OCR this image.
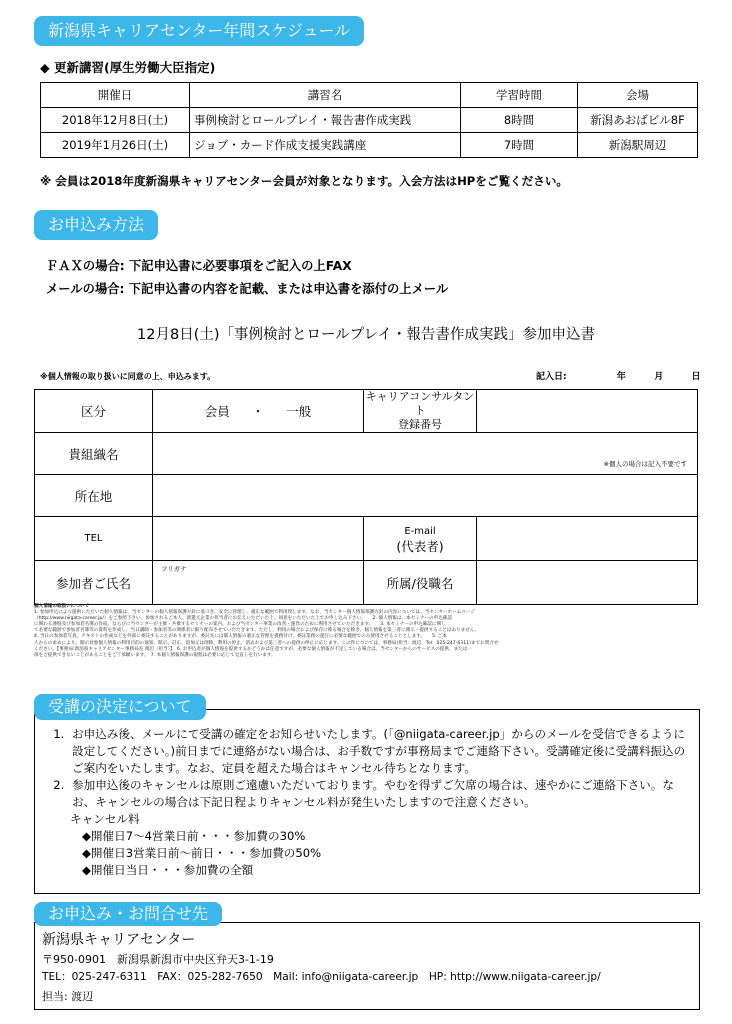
新潟県キャリアセンター年間スケジュール
◆ 更新講習(厚生労働大臣指定)
開催日	講習名	学習時間	会場
2018年12月8日(土)	事例検討とロールプレイ・報告書作成実践	8時間	新潟あおばビル8F
2019年1月26日(土)	ジョブ・カード作成支援実践講座	7時間	新潟駅周辺
※ 会員は2018年度新潟県キャリアセンター会員が対象となります。入会方法はHPをご覧ください。
お申込み方法
ＦＡＸの場合: 下記申込書に必要事項をご記入の上FAX
メールの場合: 下記申込書の内容を記載、または申込書を添付の上メール
12月8日(土)「事例検討とロールプレイ・報告書作成実践」参加申込書
※個人情報の取り扱いに同意の上、申込みます。	記入日:	年	月	日
区分	会員 ・ 一般	キャリアコンサルタント
登録番号	

貴組織名	※個人の場合は記入不要です		

所在地			
TEL		E-mail
(代表者)	

参加者ご氏名	フリガナ	所属/役職名	

個人情報の取扱いについて

1. 参加申込により提供いただいた個人情報は、当センターの個人情報保護方針に基づき、安全に管理し、適正な範囲で利用致します。なお、当センター個人情報保護方針の内容については、当センターホームページ

（http://www.niigata-career.jp/）をご参照下さい。参加されるご本人、派遣元企業の担当者にお伝えいただいた上、同意をいただいた上でお申し込み下さい。　　2. 個人情報は、本セミナーの申込確認

に関わる連絡及び参加者名簿の作成、ならびに当センターが主催・共催するセミナーの案内、および当センター事業の改善・運営のために利用させていただきます。　　3. 本セミナーの申込確認に関し

て必要な範囲で参加者名簿等の資料を作成し、当日講師・参加者等の関係者に限り配布させていただきます。ただし、利用の場合および保存に係る場合を除き、個人情報を第三者に開示・提供することはありません。

4. 当日の参加者写真、テキストの作成などを外部に委託することがありますが、委託先には個人情報の適正な管理を義務付け、委託業務の遂行に必要な範囲でのみ使用させることとします。　　5. ご本

人からの求めにより、開示対象個人情報の利用目的の通知、開示、訂正、追加又は削除、利用の停止、消去および第三者への提供の停止に応じます。この件については、事務局(担当：渡辺　Tel　025-247-6311)までお問合せ

ください。【事務局:新潟県キャリアセンター事務局長 渡辺（担当）】　6. お申込者が個人情報を提供するかどうかは任意ですが、必要な個人情報が不足している場合は、当センターからのサービスの提供、または一

部をご提供できないことがあることをご了承願います。　7. 本個人情報保護の規程は必要に応じて見直しを行います。

受講の決定について
1. お申込み後、メールにて受講の確定をお知らせいたします。(「@niigata-career.jp」からのメールを受信できるように設定してください。)前日までに連絡がない場合は、お手数ですが事務局までご連絡下さい。受講確定後に受講料振込のご案内をいたします。なお、定員を超えた場合はキャンセル待ちとなります。
2. 参加申込後のキャンセルは原則ご遠慮いただいております。やむを得ずご欠席の場合は、速やかにご連絡下さい。なお、キャンセルの場合は下記日程よりキャンセル料が発生いたしますので注意ください。
キャンセル料
◆開催日7～4営業日前・・・参加費の30%
◆開催日3営業日前～前日・・・参加費の50%
◆開催日当日・・・参加費の全額
お申込み・お問合せ先
新潟県キャリアセンター
〒950-0901　新潟県新潟市中央区弁天3-1-19
TEL：025-247-6311　FAX：025-282-7650　Mail: info@niigata-career.jp　HP: http://www.niigata-career.jp/
担当: 渡辺
